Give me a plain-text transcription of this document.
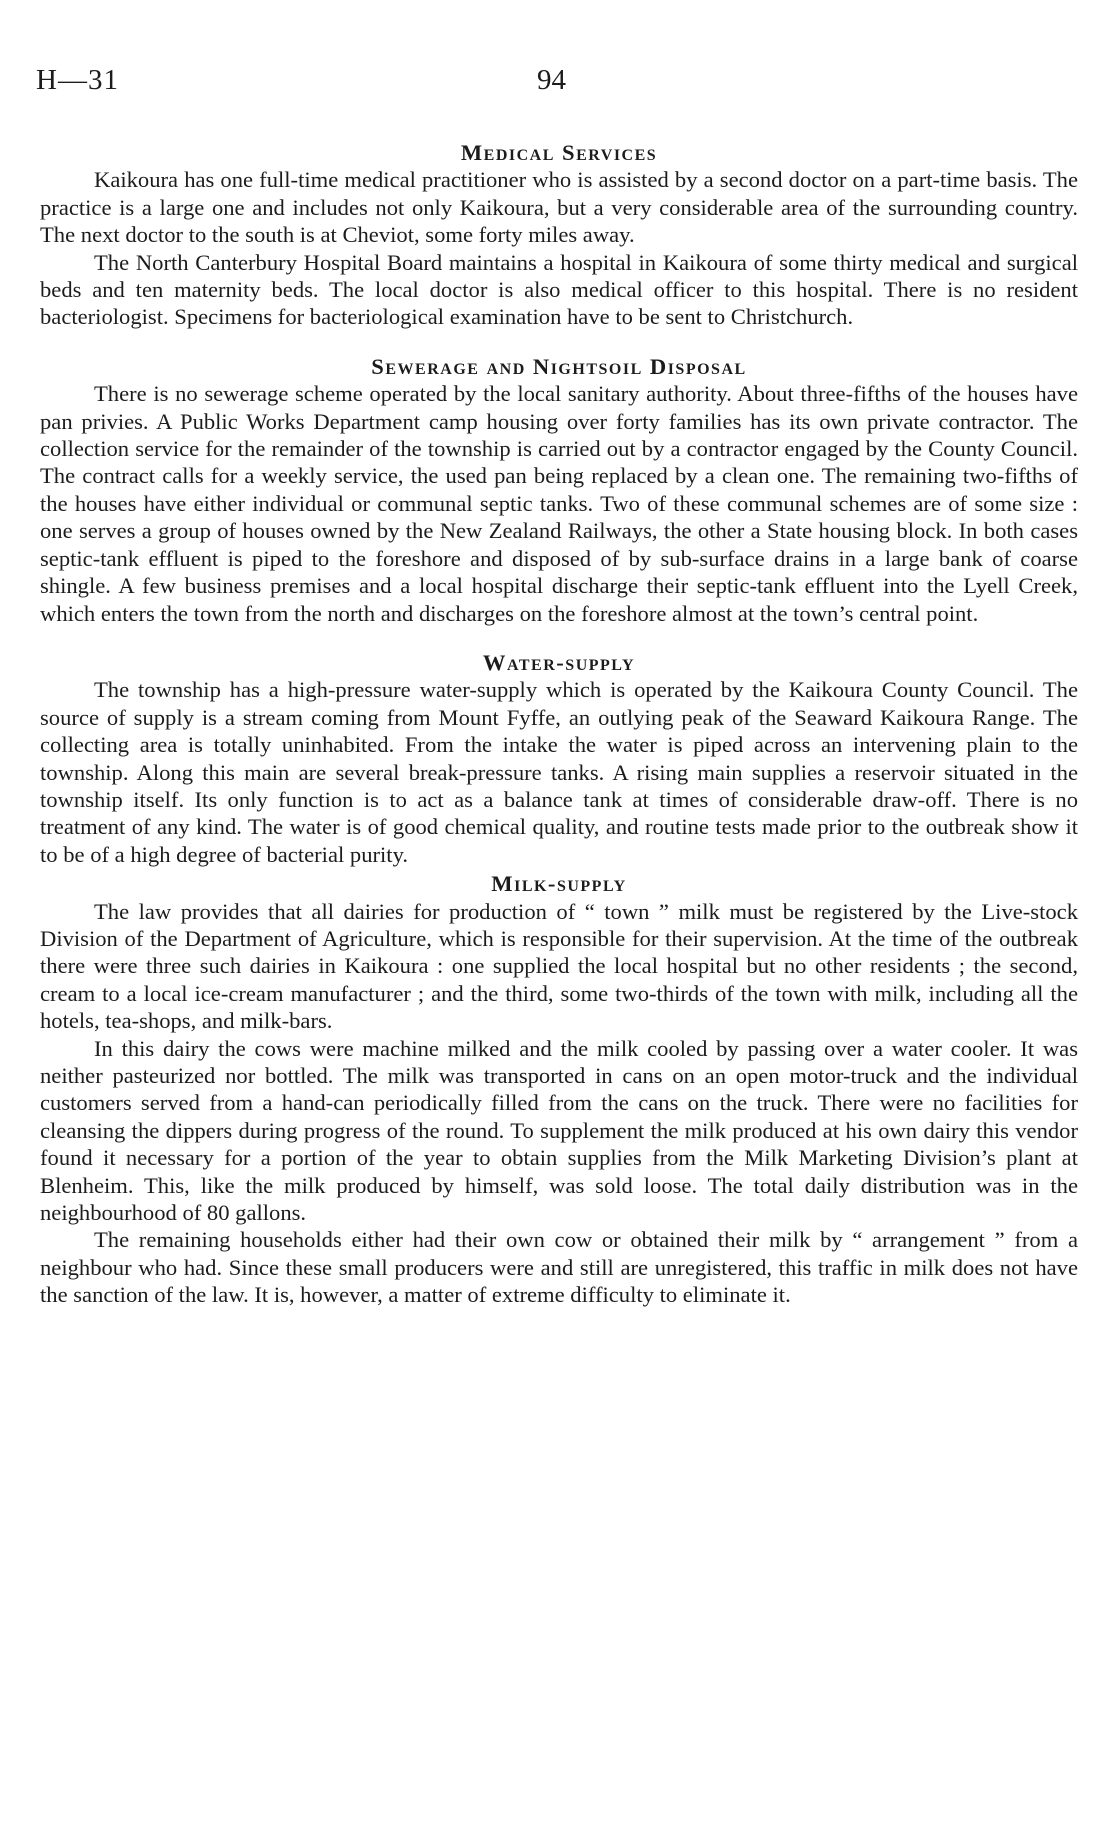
H—31	94
Medical Services

Kaikoura has one full-time medical practitioner who is assisted by a second doctor on a part-time basis. The practice is a large one and includes not only Kaikoura, but a very considerable area of the surrounding country. The next doctor to the south is at Cheviot, some forty miles away.

The North Canterbury Hospital Board maintains a hospital in Kaikoura of some thirty medical and surgical beds and ten maternity beds. The local doctor is also medical officer to this hospital. There is no resident bacteriologist. Specimens for bacteriological examination have to be sent to Christchurch.

Sewerage and Nightsoil Disposal

There is no sewerage scheme operated by the local sanitary authority. About three-fifths of the houses have pan privies. A Public Works Department camp housing over forty families has its own private contractor. The collection service for the remainder of the township is carried out by a contractor engaged by the County Council. The contract calls for a weekly service, the used pan being replaced by a clean one. The remaining two-fifths of the houses have either individual or communal septic tanks. Two of these communal schemes are of some size : one serves a group of houses owned by the New Zealand Railways, the other a State housing block. In both cases septic-tank effluent is piped to the foreshore and disposed of by sub-surface drains in a large bank of coarse shingle. A few business premises and a local hospital discharge their septic-tank effluent into the Lyell Creek, which enters the town from the north and discharges on the foreshore almost at the town’s central point.

Water-supply

The township has a high-pressure water-supply which is operated by the Kaikoura County Council. The source of supply is a stream coming from Mount Fyffe, an outlying peak of the Seaward Kaikoura Range. The collecting area is totally uninhabited. From the intake the water is piped across an intervening plain to the township. Along this main are several break-pressure tanks. A rising main supplies a reservoir situated in the township itself. Its only function is to act as a balance tank at times of considerable draw-off. There is no treatment of any kind. The water is of good chemical quality, and routine tests made prior to the outbreak show it to be of a high degree of bacterial purity.

Milk-supply

The law provides that all dairies for production of “ town ” milk must be registered by the Live-stock Division of the Department of Agriculture, which is responsible for their supervision. At the time of the outbreak there were three such dairies in Kaikoura : one supplied the local hospital but no other residents ; the second, cream to a local ice-cream manufacturer ; and the third, some two-thirds of the town with milk, including all the hotels, tea-shops, and milk-bars.

In this dairy the cows were machine milked and the milk cooled by passing over a water cooler. It was neither pasteurized nor bottled. The milk was transported in cans on an open motor-truck and the individual customers served from a hand-can periodically filled from the cans on the truck. There were no facilities for cleansing the dippers during progress of the round. To supplement the milk produced at his own dairy this vendor found it necessary for a portion of the year to obtain supplies from the Milk Marketing Division’s plant at Blenheim. This, like the milk produced by himself, was sold loose. The total daily distribution was in the neighbourhood of 80 gallons.

The remaining households either had their own cow or obtained their milk by “ arrangement ” from a neighbour who had. Since these small producers were and still are unregistered, this traffic in milk does not have the sanction of the law. It is, however, a matter of extreme difficulty to eliminate it.
